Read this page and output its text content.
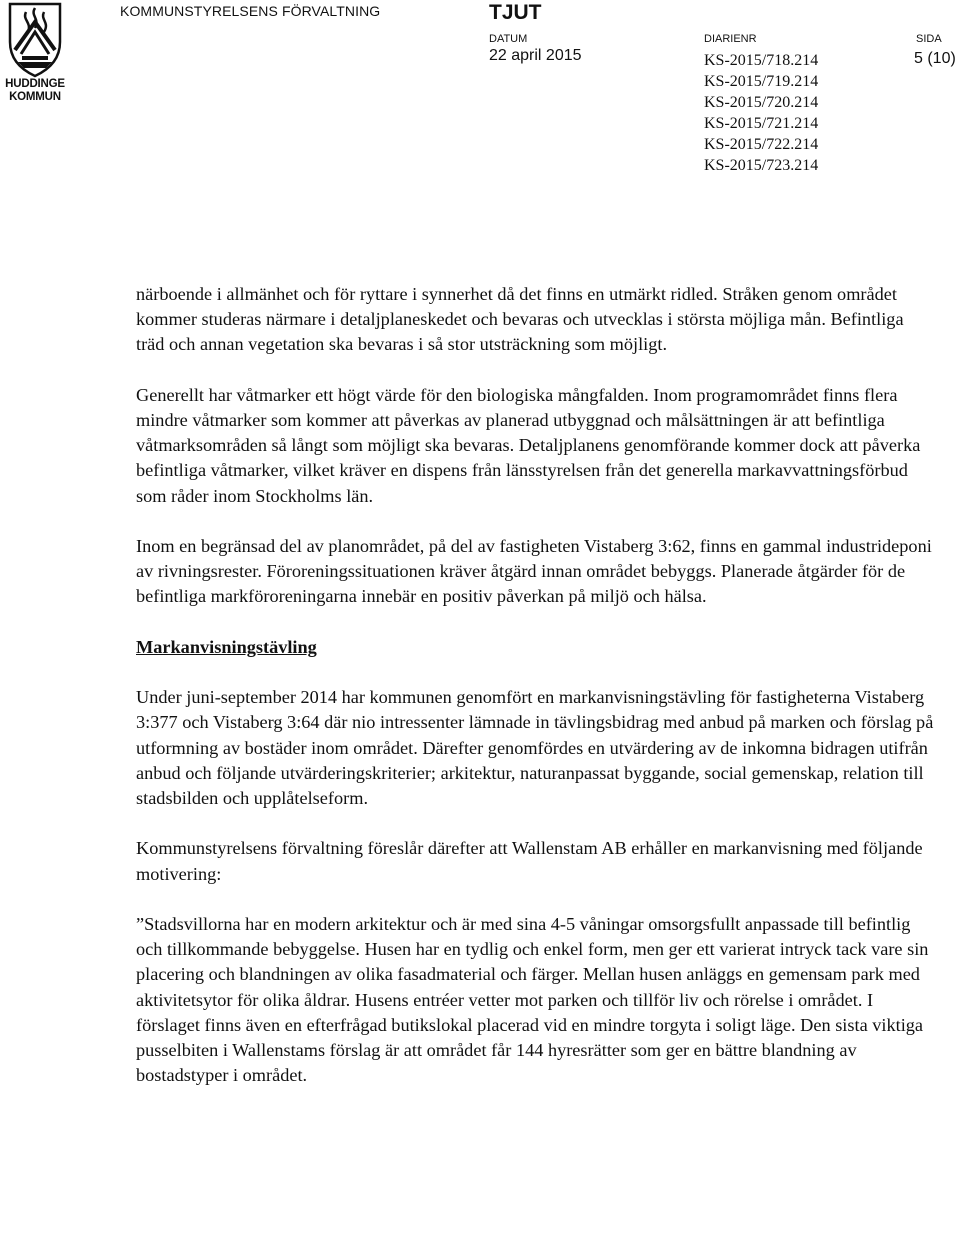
HUDDINGE
KOMMUN
KOMMUNSTYRELSENS FÖRVALTNING	TJUT
DATUM	DIARIENR	SIDA
22 april 2015	KS-2015/718.214
KS-2015/719.214
KS-2015/720.214
KS-2015/721.214
KS-2015/722.214
KS-2015/723.214
5 (10)

närboende i allmänhet och för ryttare i synnerhet då det finns en utmärkt ridled. Stråken genom området kommer studeras närmare i detaljplaneskedet och bevaras och utvecklas i största möjliga mån. Befintliga träd och annan vegetation ska bevaras i så stor utsträckning som möjligt.

Generellt har våtmarker ett högt värde för den biologiska mångfalden. Inom programområdet finns flera mindre våtmarker som kommer att påverkas av planerad utbyggnad och målsättningen är att befintliga våtmarksområden så långt som möjligt ska bevaras. Detaljplanens genomförande kommer dock att påverka befintliga våtmarker, vilket kräver en dispens från länsstyrelsen från det generella markavvattningsförbud som råder inom Stockholms län.

Inom en begränsad del av planområdet, på del av fastigheten Vistaberg 3:62, finns en gammal industrideponi av rivningsrester. Föroreningssituationen kräver åtgärd innan området bebyggs. Planerade åtgärder för de befintliga markföroreningarna innebär en positiv påverkan på miljö och hälsa.

Markanvisningstävling

Under juni-september 2014 har kommunen genomfört en markanvisningstävling för fastigheterna Vistaberg 3:377 och Vistaberg 3:64 där nio intressenter lämnade in tävlingsbidrag med anbud på marken och förslag på utformning av bostäder inom området. Därefter genomfördes en utvärdering av de inkomna bidragen utifrån anbud och följande utvärderingskriterier; arkitektur, naturanpassat byggande, social gemenskap, relation till stadsbilden och upplåtelseform.

Kommunstyrelsens förvaltning föreslår därefter att Wallenstam AB erhåller en markanvisning med följande motivering:

”Stadsvillorna har en modern arkitektur och är med sina 4-5 våningar omsorgsfullt anpassade till befintlig och tillkommande bebyggelse. Husen har en tydlig och enkel form, men ger ett varierat intryck tack vare sin placering och blandningen av olika fasadmaterial och färger. Mellan husen anläggs en gemensam park med aktivitetsytor för olika åldrar. Husens entréer vetter mot parken och tillför liv och rörelse i området. I förslaget finns även en efterfrågad butikslokal placerad vid en mindre torgyta i soligt läge. Den sista viktiga pusselbiten i Wallenstams förslag är att området får 144 hyresrätter som ger en bättre blandning av bostadstyper i området.
